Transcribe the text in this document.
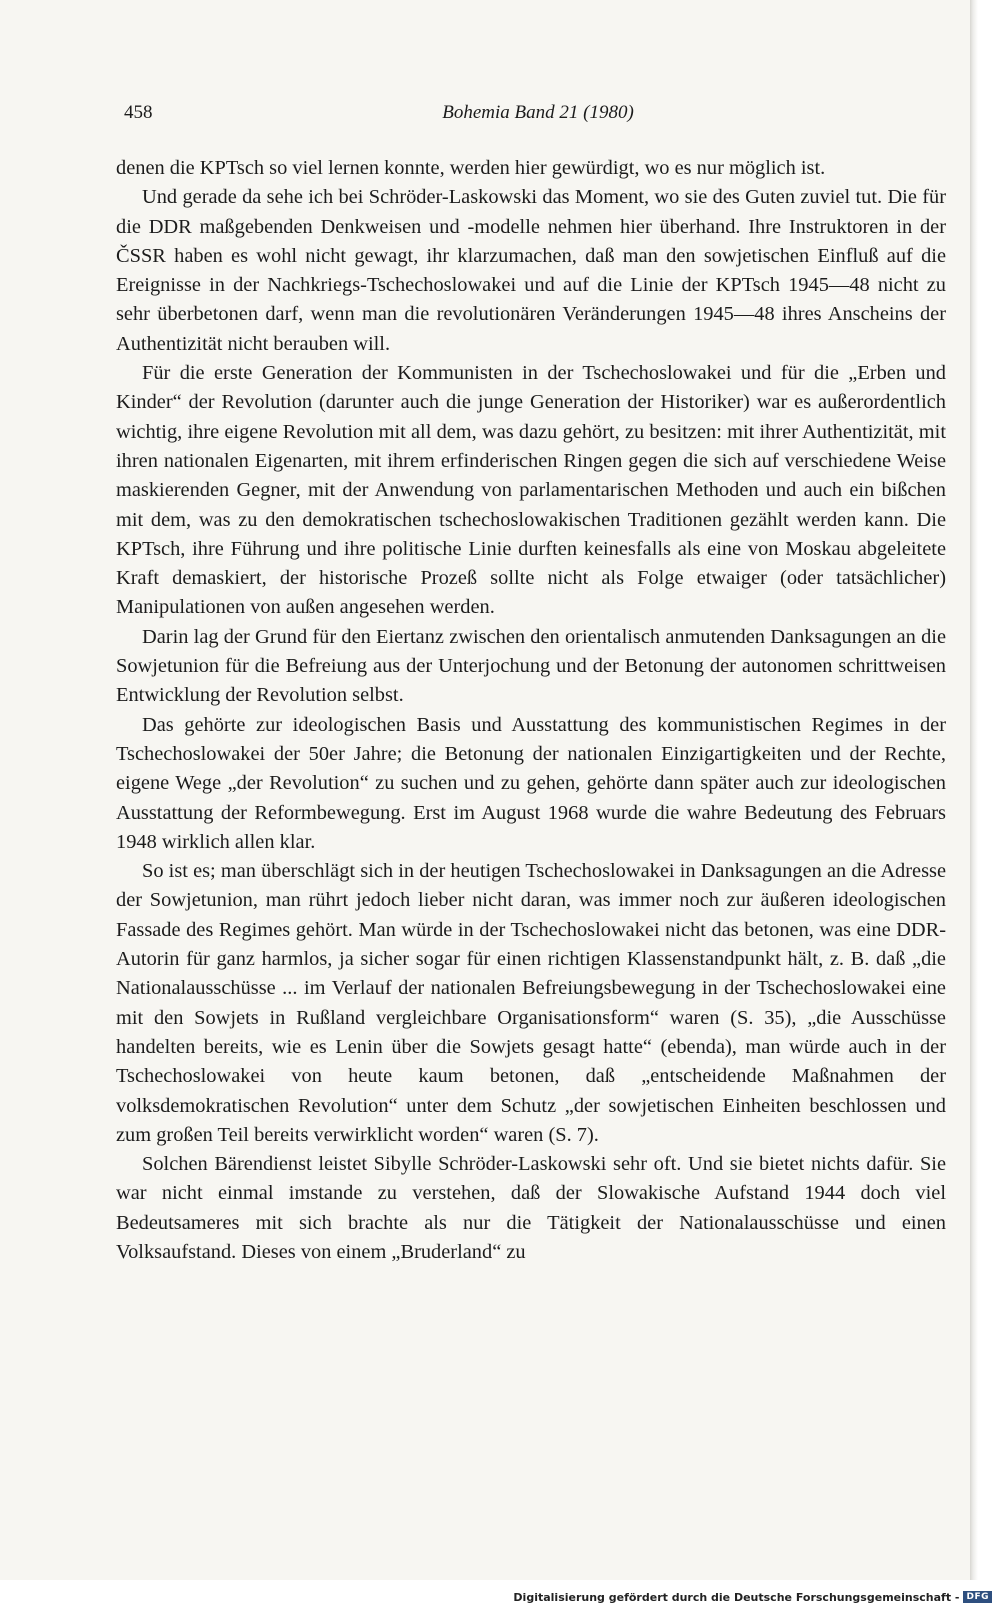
458	Bohemia Band 21 (1980)

denen die KPTsch so viel lernen konnte, werden hier gewürdigt, wo es nur möglich ist.

Und gerade da sehe ich bei Schröder-Laskowski das Moment, wo sie des Guten zuviel tut. Die für die DDR maßgebenden Denkweisen und -modelle nehmen hier überhand. Ihre Instruktoren in der ČSSR haben es wohl nicht gewagt, ihr klarzumachen, daß man den sowjetischen Einfluß auf die Ereignisse in der Nachkriegs-Tschechoslowakei und auf die Linie der KPTsch 1945—48 nicht zu sehr überbetonen darf, wenn man die revolutionären Veränderungen 1945—48 ihres Anscheins der Authentizität nicht berauben will.

Für die erste Generation der Kommunisten in der Tschechoslowakei und für die „Erben und Kinder“ der Revolution (darunter auch die junge Generation der Historiker) war es außerordentlich wichtig, ihre eigene Revolution mit all dem, was dazu gehört, zu besitzen: mit ihrer Authentizität, mit ihren nationalen Eigenarten, mit ihrem erfinderischen Ringen gegen die sich auf verschiedene Weise maskierenden Gegner, mit der Anwendung von parlamentarischen Methoden und auch ein bißchen mit dem, was zu den demokratischen tschechoslowakischen Traditionen gezählt werden kann. Die KPTsch, ihre Führung und ihre politische Linie durften keinesfalls als eine von Moskau abgeleitete Kraft demaskiert, der historische Prozeß sollte nicht als Folge etwaiger (oder tatsächlicher) Manipulationen von außen angesehen werden.

Darin lag der Grund für den Eiertanz zwischen den orientalisch anmutenden Danksagungen an die Sowjetunion für die Befreiung aus der Unterjochung und der Betonung der autonomen schrittweisen Entwicklung der Revolution selbst.

Das gehörte zur ideologischen Basis und Ausstattung des kommunistischen Regimes in der Tschechoslowakei der 50er Jahre; die Betonung der nationalen Einzigartigkeiten und der Rechte, eigene Wege „der Revolution“ zu suchen und zu gehen, gehörte dann später auch zur ideologischen Ausstattung der Reformbewegung. Erst im August 1968 wurde die wahre Bedeutung des Februars 1948 wirklich allen klar.

So ist es; man überschlägt sich in der heutigen Tschechoslowakei in Danksagungen an die Adresse der Sowjetunion, man rührt jedoch lieber nicht daran, was immer noch zur äußeren ideologischen Fassade des Regimes gehört. Man würde in der Tschechoslowakei nicht das betonen, was eine DDR-Autorin für ganz harmlos, ja sicher sogar für einen richtigen Klassenstandpunkt hält, z. B. daß „die Nationalausschüsse ... im Verlauf der nationalen Befreiungsbewegung in der Tschechoslowakei eine mit den Sowjets in Rußland vergleichbare Organisationsform“ waren (S. 35), „die Ausschüsse handelten bereits, wie es Lenin über die Sowjets gesagt hatte“ (ebenda), man würde auch in der Tschechoslowakei von heute kaum betonen, daß „entscheidende Maßnahmen der volksdemokratischen Revolution“ unter dem Schutz „der sowjetischen Einheiten beschlossen und zum großen Teil bereits verwirklicht worden“ waren (S. 7).

Solchen Bärendienst leistet Sibylle Schröder-Laskowski sehr oft. Und sie bietet nichts dafür. Sie war nicht einmal imstande zu verstehen, daß der Slowakische Aufstand 1944 doch viel Bedeutsameres mit sich brachte als nur die Tätigkeit der Nationalausschüsse und einen Volksaufstand. Dieses von einem „Bruderland“ zu

Digitalisierung gefördert durch die Deutsche Forschungsgemeinschaft - DFG
